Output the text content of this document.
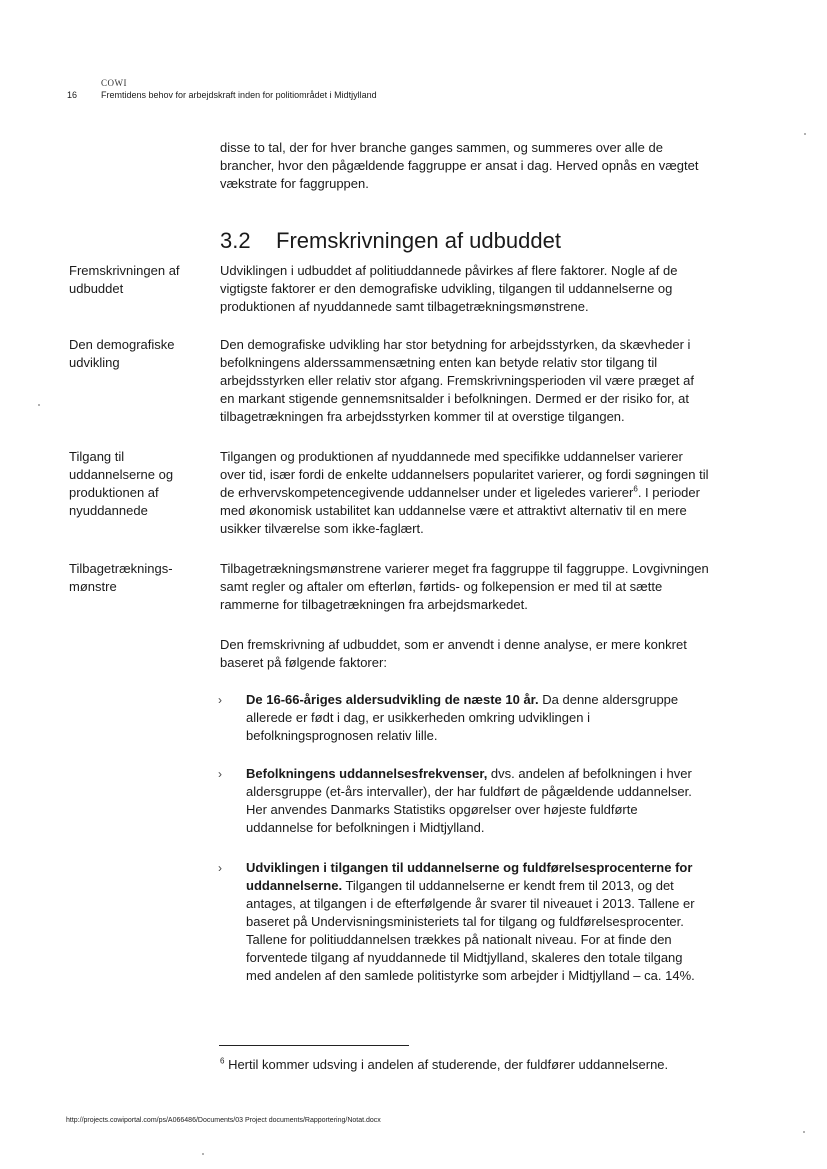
COWI
16	Fremtidens behov for arbejdskraft inden for politiområdet i Midtjylland
disse to tal, der for hver branche ganges sammen, og summeres over alle de brancher, hvor den pågældende faggruppe er ansat i dag. Herved opnås en vægtet vækstrate for faggruppen.
3.2 Fremskrivningen af udbuddet
Fremskrivningen af udbuddet
Den demografiske udvikling
Tilgang til uddannelserne og produktionen af nyuddannede
Tilbagetræknings-mønstre
Udviklingen i udbuddet af politiuddannede påvirkes af flere faktorer. Nogle af de vigtigste faktorer er den demografiske udvikling, tilgangen til uddannelserne og produktionen af nyuddannede samt tilbagetrækningsmønstrene.
Den demografiske udvikling har stor betydning for arbejdsstyrken, da skævheder i befolkningens alderssammensætning enten kan betyde relativ stor tilgang til arbejdsstyrken eller relativ stor afgang. Fremskrivningsperioden vil være præget af en markant stigende gennemsnitsalder i befolkningen. Dermed er der risiko for, at tilbagetrækningen fra arbejdsstyrken kommer til at overstige tilgangen.
Tilgangen og produktionen af nyuddannede med specifikke uddannelser varierer over tid, især fordi de enkelte uddannelsers popularitet varierer, og fordi søgningen til de erhvervskompetencegivende uddannelser under et ligeledes varierer$^6$. I perioder med økonomisk ustabilitet kan uddannelse være et attraktivt alternativ til en mere usikker tilværelse som ikke-faglært.
Tilbagetrækningsmønstrene varierer meget fra faggruppe til faggruppe. Lovgivningen samt regler og aftaler om efterløn, førtids- og folkepension er med til at sætte rammerne for tilbagetrækningen fra arbejdsmarkedet.
Den fremskrivning af udbuddet, som er anvendt i denne analyse, er mere konkret baseret på følgende faktorer:
› De 16-66-åriges aldersudvikling de næste 10 år. Da denne aldersgruppe allerede er født i dag, er usikkerheden omkring udviklingen i befolkningsprognosen relativ lille.
› Befolkningens uddannelsesfrekvenser, dvs. andelen af befolkningen i hver aldersgruppe (et-års intervaller), der har fuldført de pågældende uddannelser. Her anvendes Danmarks Statistiks opgørelser over højeste fuldførte uddannelse for befolkningen i Midtjylland.
› Udviklingen i tilgangen til uddannelserne og fuldførelsesprocenterne for uddannelserne. Tilgangen til uddannelserne er kendt frem til 2013, og det antages, at tilgangen i de efterfølgende år svarer til niveauet i 2013. Tallene er baseret på Undervisningsministeriets tal for tilgang og fuldførelsesprocenter. Tallene for politiuddannelsen trækkes på nationalt niveau. For at finde den forventede tilgang af nyuddannede til Midtjylland, skaleres den totale tilgang med andelen af den samlede politistyrke som arbejder i Midtjylland – ca. 14%.
$^6$ Hertil kommer udsving i andelen af studerende, der fuldfører uddannelserne.
http://projects.cowiportal.com/ps/A066486/Documents/03 Project documents/Rapportering/Notat.docx
